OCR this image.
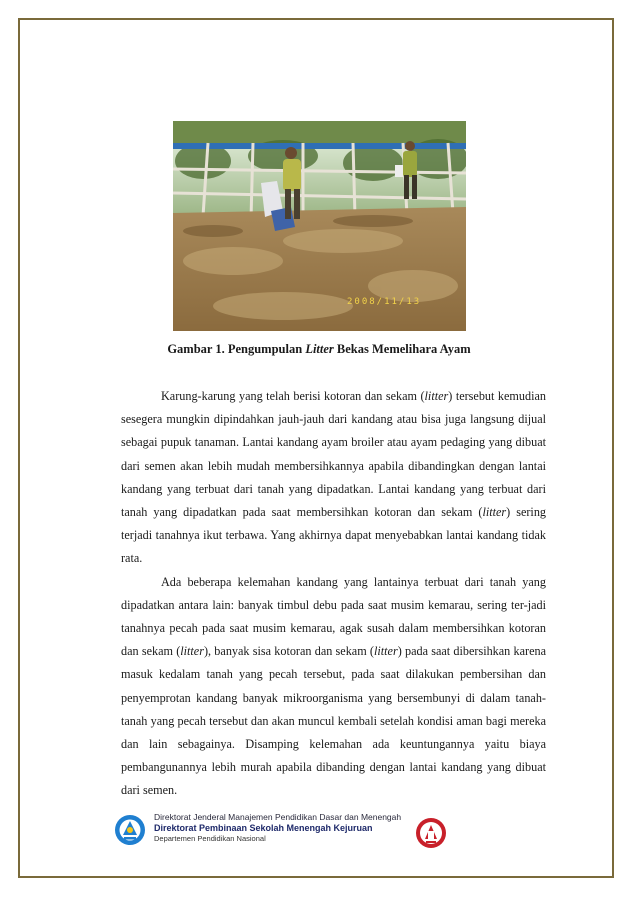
2008/11/13
Gambar 1. Pengumpulan Litter Bekas Memelihara Ayam

Karung-karung yang telah berisi kotoran dan sekam (litter) tersebut kemudian sesegera mungkin dipindahkan jauh-jauh dari kandang atau bisa juga langsung dijual sebagai pupuk tanaman. Lantai kandang ayam broiler atau ayam pedaging yang dibuat dari semen akan lebih mudah membersihkannya apabila dibandingkan dengan lantai kandang yang terbuat dari tanah yang dipadatkan. Lantai kandang yang terbuat dari tanah yang dipadatkan pada saat membersihkan kotoran dan sekam (litter) sering terjadi tanahnya ikut terbawa. Yang akhirnya dapat menyebabkan lantai kandang tidak rata.

Ada beberapa kelemahan kandang yang lantainya terbuat dari tanah yang dipadatkan antara lain: banyak timbul debu pada saat musim kemarau, sering ter-jadi tanahnya pecah pada saat musim kemarau, agak susah dalam membersihkan kotoran dan sekam (litter), banyak sisa kotoran dan sekam (litter) pada saat dibersihkan karena masuk kedalam tanah yang pecah tersebut, pada saat dilakukan pembersihan dan penyemprotan kandang banyak mikroorganisma yang bersembunyi di dalam tanah-tanah yang pecah tersebut dan akan muncul kembali setelah kondisi aman bagi mereka dan lain sebagainya. Disamping kelemahan ada keuntungannya yaitu biaya pembangunannya lebih murah apabila dibanding dengan lantai kandang yang dibuat dari semen.

Direktorat Jenderal Manajemen Pendidikan Dasar dan Menengah
Direktorat Pembinaan Sekolah Menengah Kejuruan
Departemen Pendidikan Nasional
